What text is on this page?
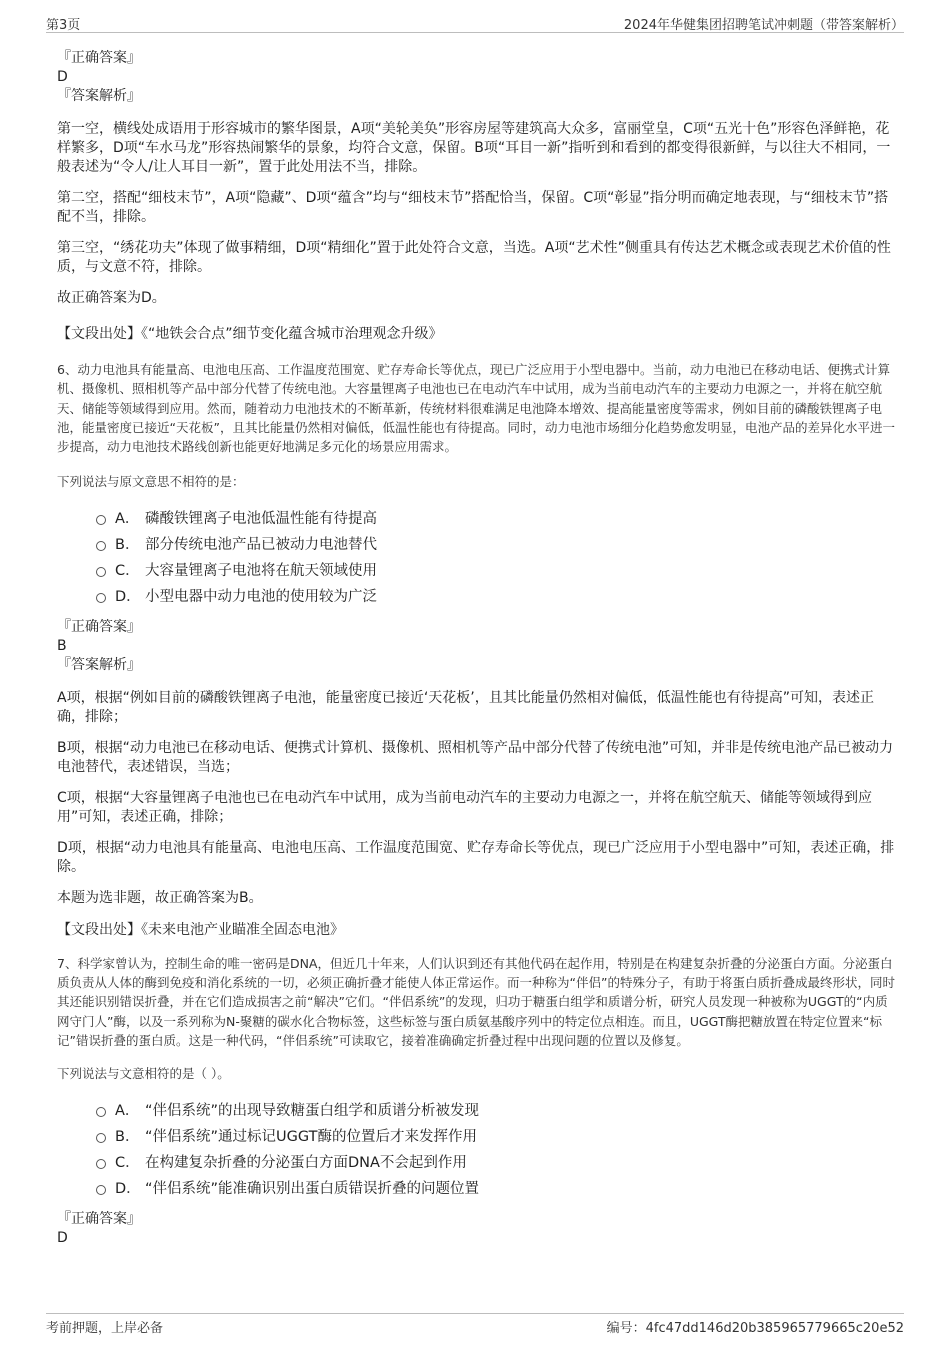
第3页	2024年华健集团招聘笔试冲刺题（带答案解析）
『正确答案』
D
『答案解析』

第一空，横线处成语用于形容城市的繁华图景，A项“美轮美奂”形容房屋等建筑高大众多，富丽堂皇，C项“五光十色”形容色泽鲜艳，花样繁多，D项“车水马龙”形容热闹繁华的景象，均符合文意，保留。B项“耳目一新”指听到和看到的都变得很新鲜，与以往大不相同，一般表述为“令人/让人耳目一新”，置于此处用法不当，排除。

第二空，搭配“细枝末节”，A项“隐藏”、D项“蕴含”均与“细枝末节”搭配恰当，保留。C项“彰显”指分明而确定地表现，与“细枝末节”搭配不当，排除。

第三空，“绣花功夫”体现了做事精细，D项“精细化”置于此处符合文意，当选。A项“艺术性”侧重具有传达艺术概念或表现艺术价值的性质，与文意不符，排除。

故正确答案为D。

【文段出处】《“地铁会合点”细节变化蕴含城市治理观念升级》

6、动力电池具有能量高、电池电压高、工作温度范围宽、贮存寿命长等优点，现已广泛应用于小型电器中。当前，动力电池已在移动电话、便携式计算机、摄像机、照相机等产品中部分代替了传统电池。大容量锂离子电池也已在电动汽车中试用，成为当前电动汽车的主要动力电源之一，并将在航空航天、储能等领域得到应用。然而，随着动力电池技术的不断革新，传统材料很难满足电池降本增效、提高能量密度等需求，例如目前的磷酸铁锂离子电池，能量密度已接近“天花板”，且其比能量仍然相对偏低，低温性能也有待提高。同时，动力电池市场细分化趋势愈发明显，电池产品的差异化水平进一步提高，动力电池技术路线创新也能更好地满足多元化的场景应用需求。

下列说法与原文意思不相符的是：

A． 磷酸铁锂离子电池低温性能有待提高
B． 部分传统电池产品已被动力电池替代
C． 大容量锂离子电池将在航天领域使用
D． 小型电器中动力电池的使用较为广泛
『正确答案』
B
『答案解析』

A项，根据“例如目前的磷酸铁锂离子电池，能量密度已接近‘天花板’，且其比能量仍然相对偏低，低温性能也有待提高”可知，表述正确，排除；

B项，根据“动力电池已在移动电话、便携式计算机、摄像机、照相机等产品中部分代替了传统电池”可知，并非是传统电池产品已被动力电池替代，表述错误，当选；

C项，根据“大容量锂离子电池也已在电动汽车中试用，成为当前电动汽车的主要动力电源之一，并将在航空航天、储能等领域得到应用”可知，表述正确，排除；

D项，根据“动力电池具有能量高、电池电压高、工作温度范围宽、贮存寿命长等优点，现已广泛应用于小型电器中”可知，表述正确，排除。

本题为选非题，故正确答案为B。

【文段出处】《未来电池产业瞄准全固态电池》

7、科学家曾认为，控制生命的唯一密码是DNA，但近几十年来，人们认识到还有其他代码在起作用，特别是在构建复杂折叠的分泌蛋白方面。分泌蛋白质负责从人体的酶到免疫和消化系统的一切，必须正确折叠才能使人体正常运作。而一种称为“伴侣”的特殊分子，有助于将蛋白质折叠成最终形状，同时其还能识别错误折叠，并在它们造成损害之前“解决”它们。“伴侣系统”的发现，归功于糖蛋白组学和质谱分析，研究人员发现一种被称为UGGT的“内质网守门人”酶，以及一系列称为N-聚糖的碳水化合物标签，这些标签与蛋白质氨基酸序列中的特定位点相连。而且，UGGT酶把糖放置在特定位置来“标记”错误折叠的蛋白质。这是一种代码，“伴侣系统”可读取它，接着准确确定折叠过程中出现问题的位置以及修复。

下列说法与文意相符的是（ ）。

A． “伴侣系统”的出现导致糖蛋白组学和质谱分析被发现
B． “伴侣系统”通过标记UGGT酶的位置后才来发挥作用
C． 在构建复杂折叠的分泌蛋白方面DNA不会起到作用
D． “伴侣系统”能准确识别出蛋白质错误折叠的问题位置
『正确答案』
D
考前押题，上岸必备	编号：4fc47dd146d20b385965779665c20e52
